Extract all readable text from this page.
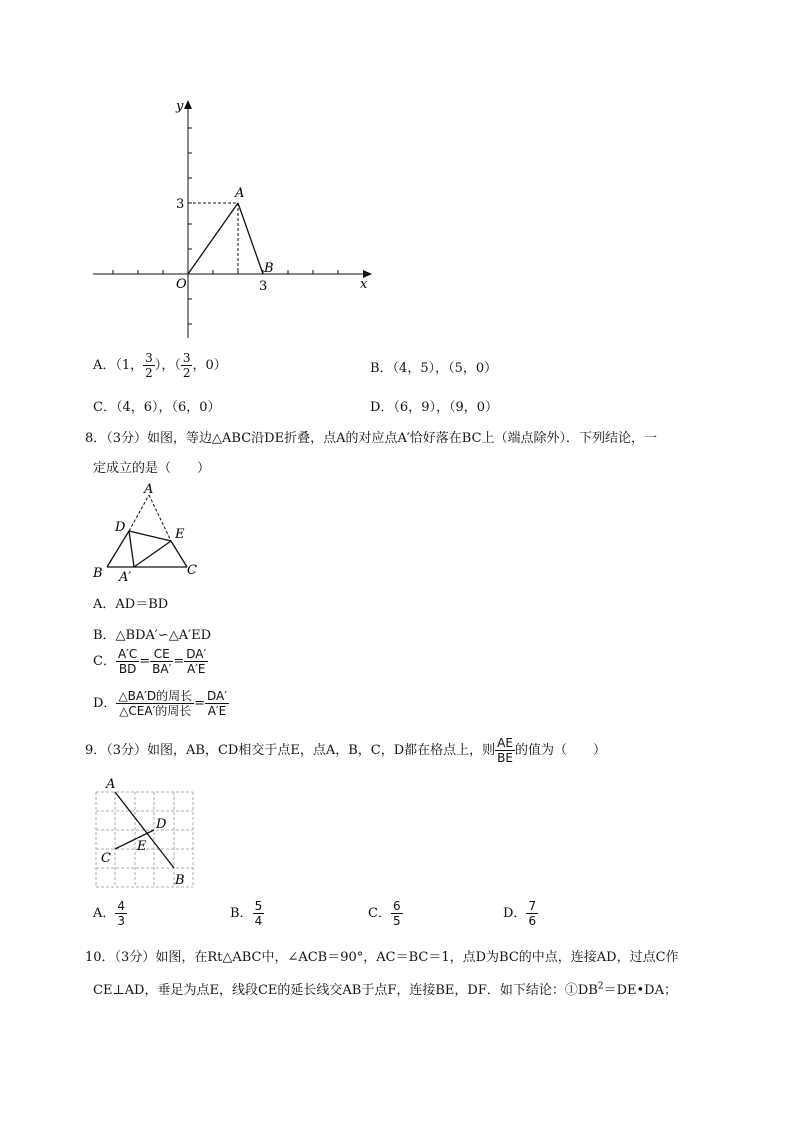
y
x
O
3
3
A
B
A．（1， $\frac{3}{2}$ ），（ $\frac{3}{2}$ ，0）	B．（4，5），（5，0）
C．（4，6），（6，0）	D．（6，9），（9，0）
8．（3分）如图，等边△ABC沿DE折叠，点A的对应点A′恰好落在BC上（端点除外）．下列结论，一
定成立的是（　　）
A
D	E
B A′	C
A．AD＝BD
B．△BDA′∽△A′ED
C． $\frac{A'C}{BD} = \frac{CE}{BA'} = \frac{DA'}{A'E}$
D． $\frac{\text{△BA′D的周长}}{\text{△CEA′的周长}} = \frac{DA'}{A'E}$
9．（3分）如图，AB，CD相交于点E，点A，B，C，D都在格点上，则 $\frac{AE}{BE}$ 的值为（　　）
A
D
E
C
B
A． $\frac{4}{3}$	B． $\frac{5}{4}$	C． $\frac{6}{5}$	D． $\frac{7}{6}$
10．（3分）如图，在Rt△ABC中，∠ACB＝90°，AC＝BC＝1，点D为BC的中点，连接AD，过点C作
CE⊥AD，垂足为点E，线段CE的延长线交AB于点F，连接BE，DF．如下结论：$①DB^2=DE•DA$；
